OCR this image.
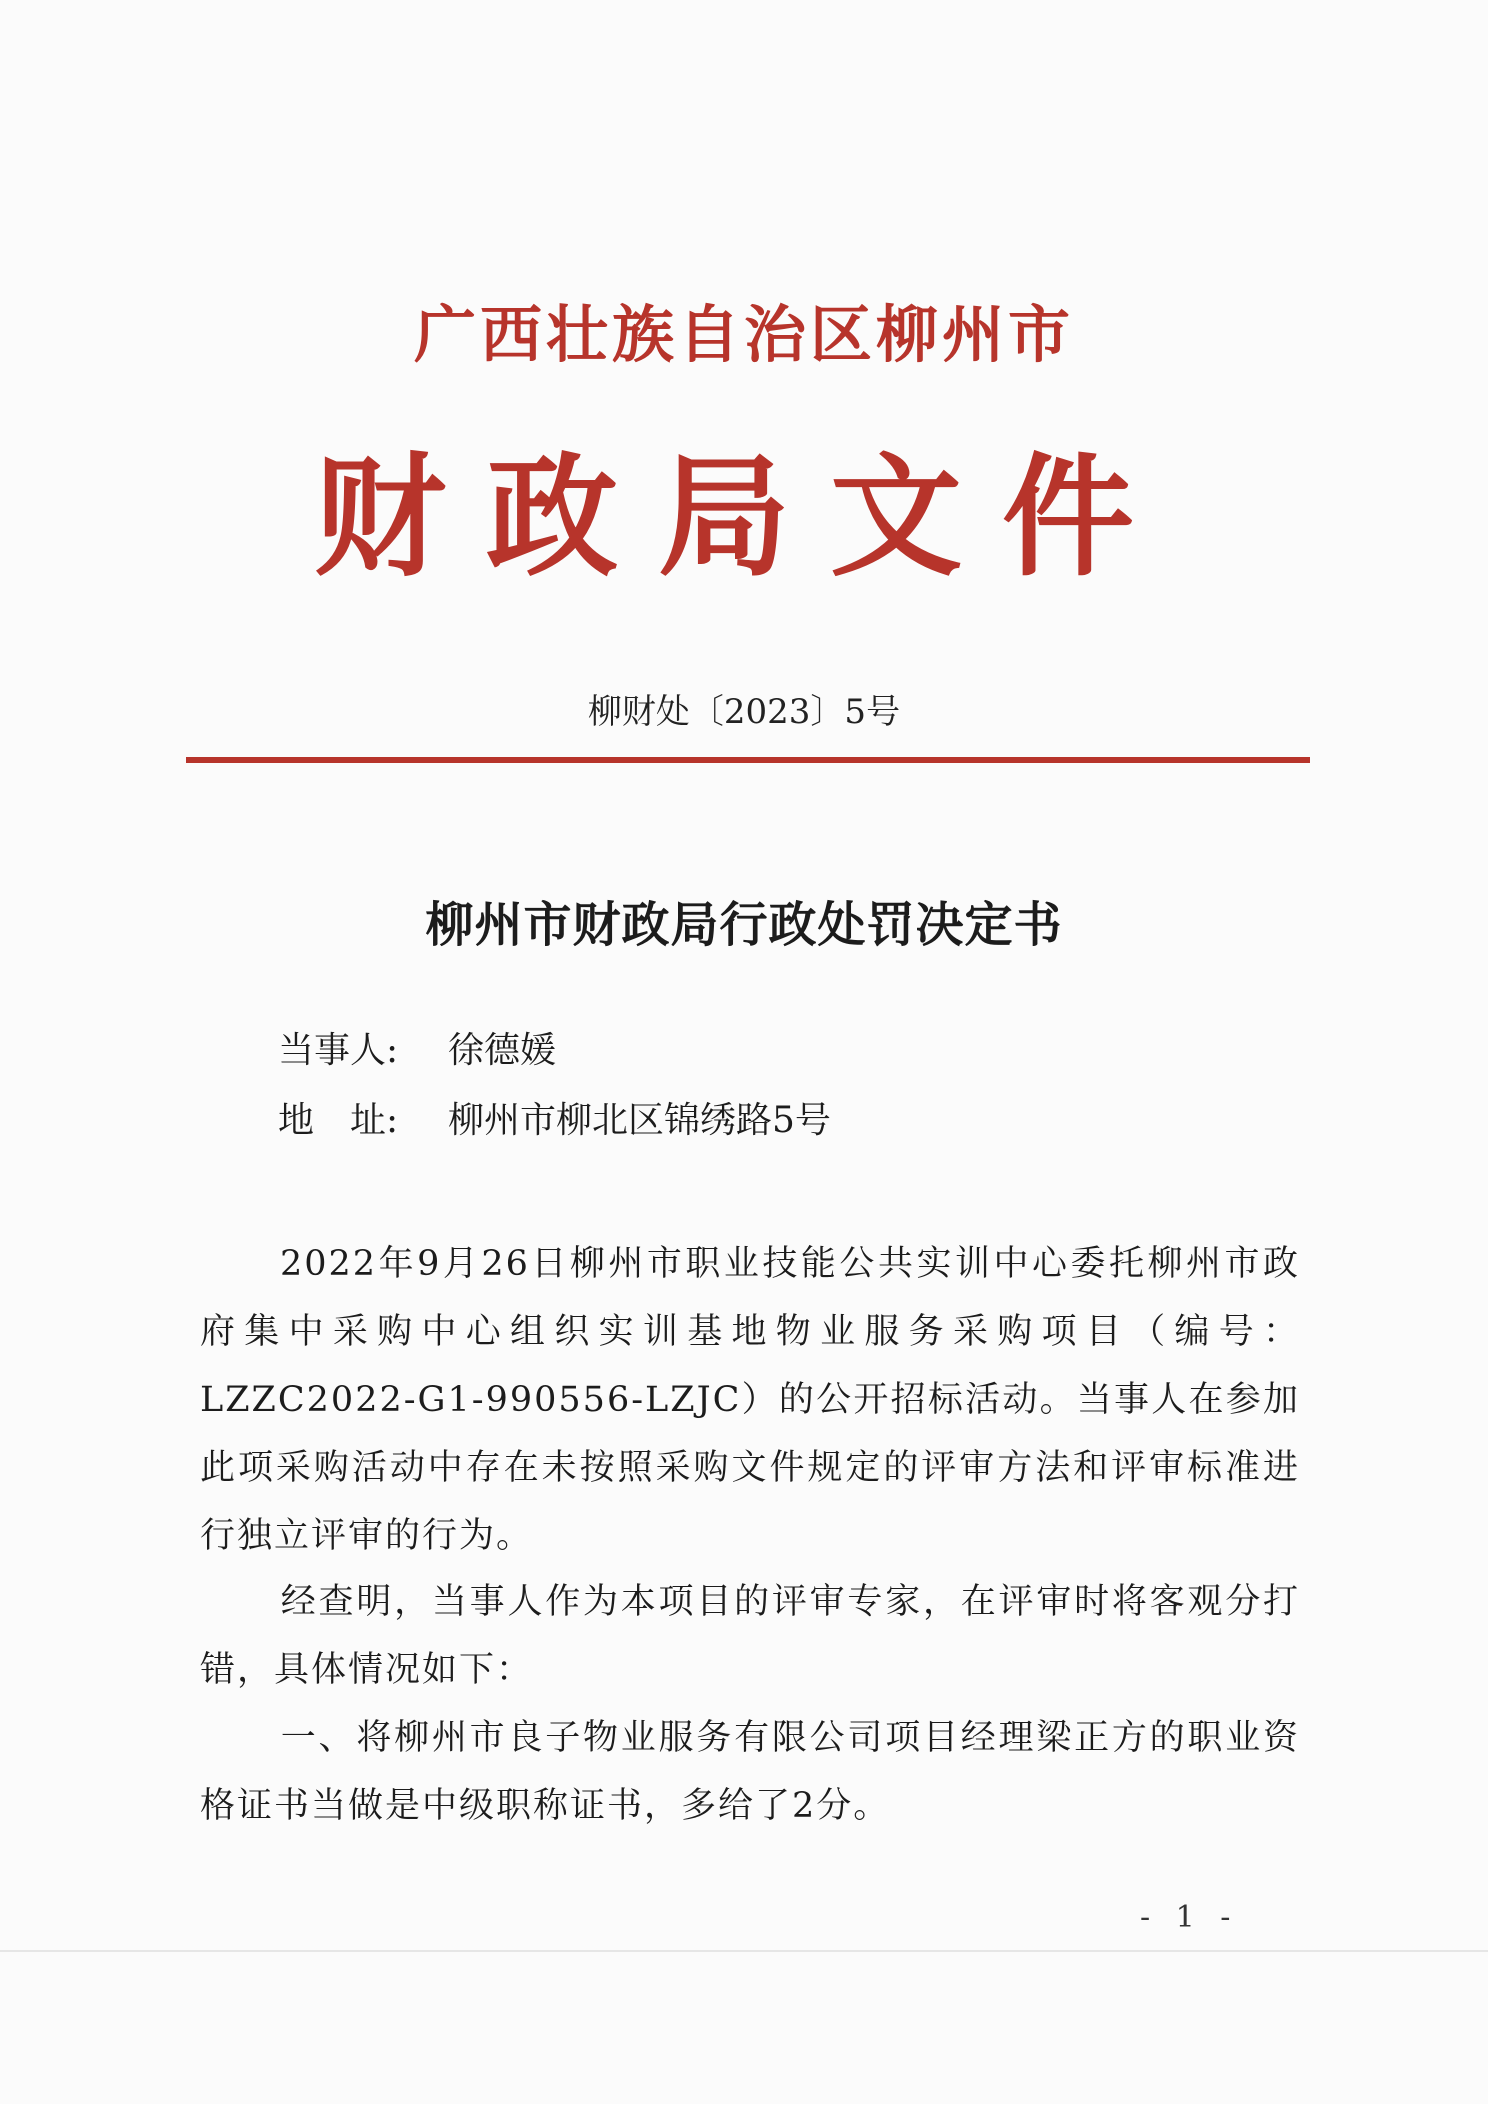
广西壮族自治区柳州市
财政局文件
柳财处〔2023〕5号
柳州市财政局行政处罚决定书
当事人: 徐德媛
地　址: 柳州市柳北区锦绣路5号
2022年9月26日柳州市职业技能公共实训中心委托柳州市政府集中采购中心组织实训基地物业服务采购项目（编号：LZZC2022-G1-990556-LZJC）的公开招标活动。当事人在参加此项采购活动中存在未按照采购文件规定的评审方法和评审标准进行独立评审的行为。
经查明，当事人作为本项目的评审专家，在评审时将客观分打错，具体情况如下：
一、将柳州市良子物业服务有限公司项目经理梁正方的职业资格证书当做是中级职称证书，多给了2分。
- 1 -
